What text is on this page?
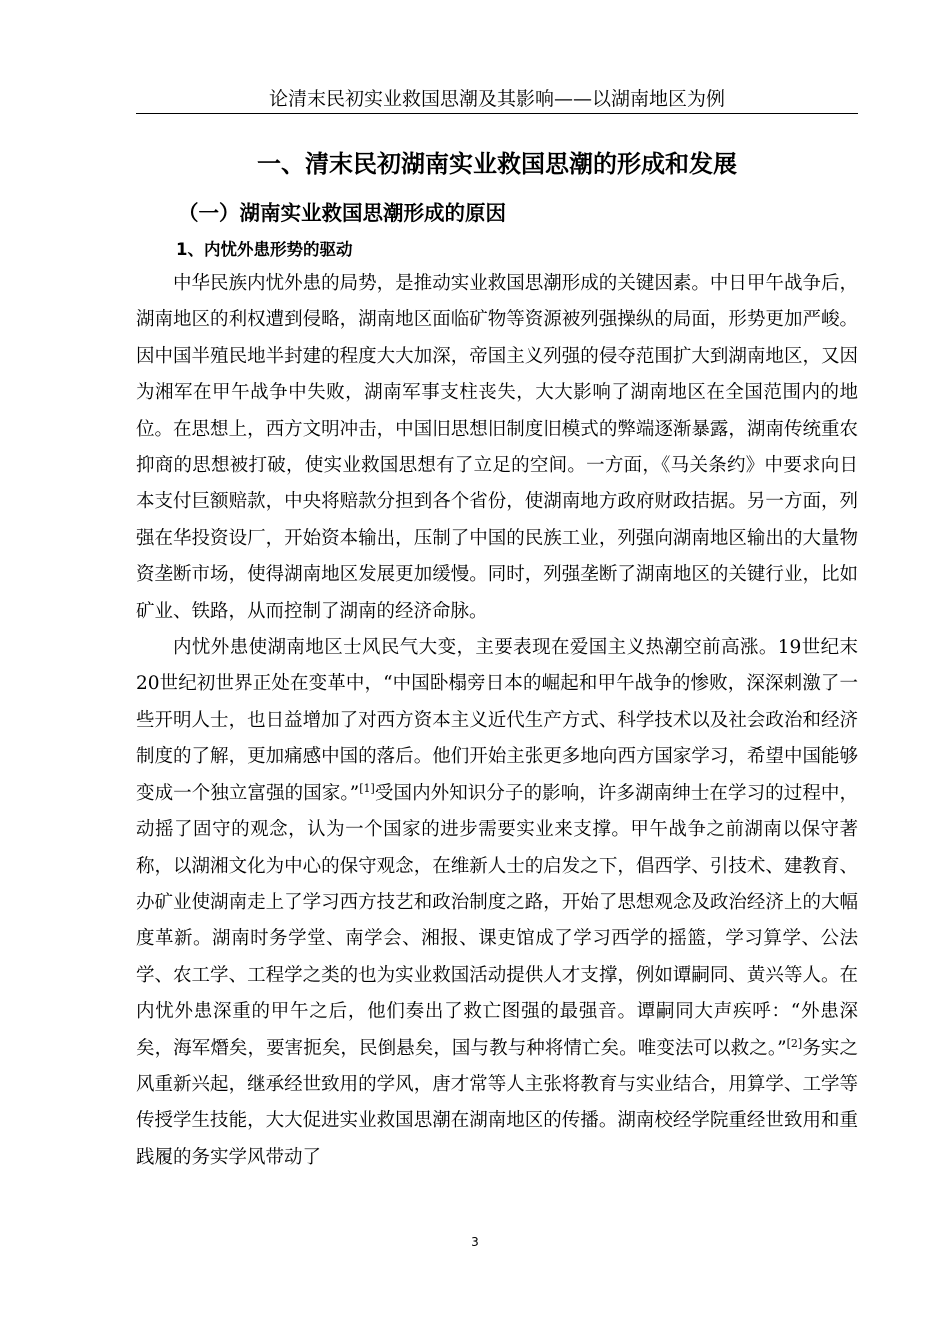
论清末民初实业救国思潮及其影响——以湖南地区为例
一、清末民初湖南实业救国思潮的形成和发展
（一）湖南实业救国思潮形成的原因
1、内忧外患形势的驱动

中华民族内忧外患的局势，是推动实业救国思潮形成的关键因素。中日甲午战争后，湖南地区的利权遭到侵略，湖南地区面临矿物等资源被列强操纵的局面，形势更加严峻。因中国半殖民地半封建的程度大大加深，帝国主义列强的侵夺范围扩大到湖南地区，又因为湘军在甲午战争中失败，湖南军事支柱丧失，大大影响了湖南地区在全国范围内的地位。在思想上，西方文明冲击，中国旧思想旧制度旧模式的弊端逐渐暴露，湖南传统重农抑商的思想被打破，使实业救国思想有了立足的空间。一方面，《马关条约》中要求向日本支付巨额赔款，中央将赔款分担到各个省份，使湖南地方政府财政拮据。另一方面，列强在华投资设厂，开始资本输出，压制了中国的民族工业，列强向湖南地区输出的大量物资垄断市场，使得湖南地区发展更加缓慢。同时，列强垄断了湖南地区的关键行业，比如矿业、铁路，从而控制了湖南的经济命脉。

内忧外患使湖南地区士风民气大变，主要表现在爱国主义热潮空前高涨。19世纪末20世纪初世界正处在变革中，“中国卧榻旁日本的崛起和甲午战争的惨败，深深刺激了一些开明人士，也日益增加了对西方资本主义近代生产方式、科学技术以及社会政治和经济制度的了解，更加痛感中国的落后。他们开始主张更多地向西方国家学习，希望中国能够变成一个独立富强的国家。”[1]受国内外知识分子的影响，许多湖南绅士在学习的过程中，动摇了固守的观念，认为一个国家的进步需要实业来支撑。甲午战争之前湖南以保守著称，以湖湘文化为中心的保守观念，在维新人士的启发之下，倡西学、引技术、建教育、办矿业使湖南走上了学习西方技艺和政治制度之路，开始了思想观念及政治经济上的大幅度革新。湖南时务学堂、南学会、湘报、课吏馆成了学习西学的摇篮，学习算学、公法学、农工学、工程学之类的也为实业救国活动提供人才支撑，例如谭嗣同、黄兴等人。在内忧外患深重的甲午之后，他们奏出了救亡图强的最强音。谭嗣同大声疾呼：“外患深矣，海军熸矣，要害扼矣，民倒悬矣，国与教与种将情亡矣。唯变法可以救之。”[2]务实之风重新兴起，继承经世致用的学风，唐才常等人主张将教育与实业结合，用算学、工学等传授学生技能，大大促进实业救国思潮在湖南地区的传播。湖南校经学院重经世致用和重践履的务实学风带动了

3
